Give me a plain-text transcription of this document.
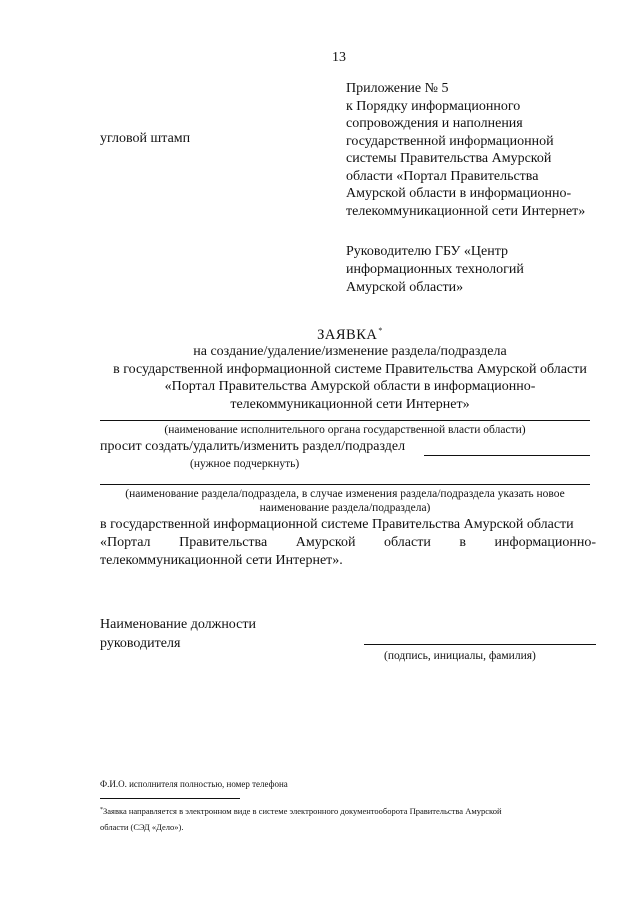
13
Приложение № 5
к Порядку информационного
сопровождения и наполнения
государственной информационной
системы Правительства Амурской
области «Портал Правительства
Амурской области в информационно-
телекоммуникационной сети Интернет»
угловой штамп
Руководителю ГБУ «Центр
информационных технологий
Амурской области»
ЗАЯВКА*
на создание/удаление/изменение раздела/подраздела
в государственной информационной системе Правительства Амурской области
«Портал Правительства Амурской области в информационно-
телекоммуникационной сети Интернет»
(наименование исполнительного органа государственной власти области)
просит создать/удалить/изменить раздел/подраздел
(нужное подчеркнуть)
(наименование раздела/подраздела, в случае изменения раздела/подраздела указать новое
наименование раздела/подраздела)
в государственной информационной системе Правительства Амурской области
«Портал Правительства Амурской области в информационно-
телекоммуникационной сети Интернет».
Наименование должности
руководителя
(подпись, инициалы, фамилия)
Ф.И.О. исполнителя полностью, номер телефона
*Заявка направляется в электронном виде в системе электронного документооборота Правительства Амурской
области (СЭД «Дело»).
